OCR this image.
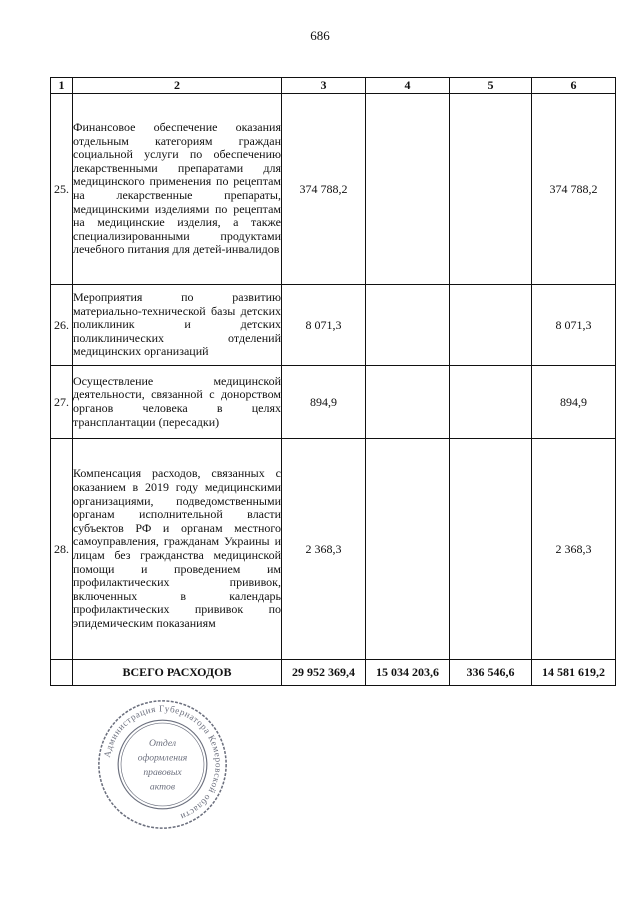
686
1	2	3	4	5	6
25.	Финансовое обеспечение оказания отдельным категориям граждан социальной услуги по обеспечению лекарственными препаратами для медицинского применения по рецептам на лекарственные препараты, медицинскими изделиями по рецептам на медицинские изделия, а также специализированными продуктами лечебного питания для детей-инвалидов	374 788,2			374 788,2
26.	Мероприятия по развитию материально-технической базы детских поликлиник и детских поликлинических отделений медицинских организаций	8 071,3			8 071,3
27.	Осуществление медицинской деятельности, связанной с донорством органов человека в целях трансплантации (пересадки)	894,9			894,9
28.	Компенсация расходов, связанных с оказанием в 2019 году медицинскими организациями, подведомственными органам исполнительной власти субъектов РФ и органам местного самоуправления, гражданам Украины и лицам без гражданства медицинской помощи и проведением им профилактических прививок, включенных в календарь профилактических прививок по эпидемическим показаниям	2 368,3			2 368,3
	ВСЕГО РАСХОДОВ	29 952 369,4	15 034 203,6	336 546,6	14 581 619,2
Администрация Губернатора Кемеровской области
Отдел
оформления
правовых
актов
